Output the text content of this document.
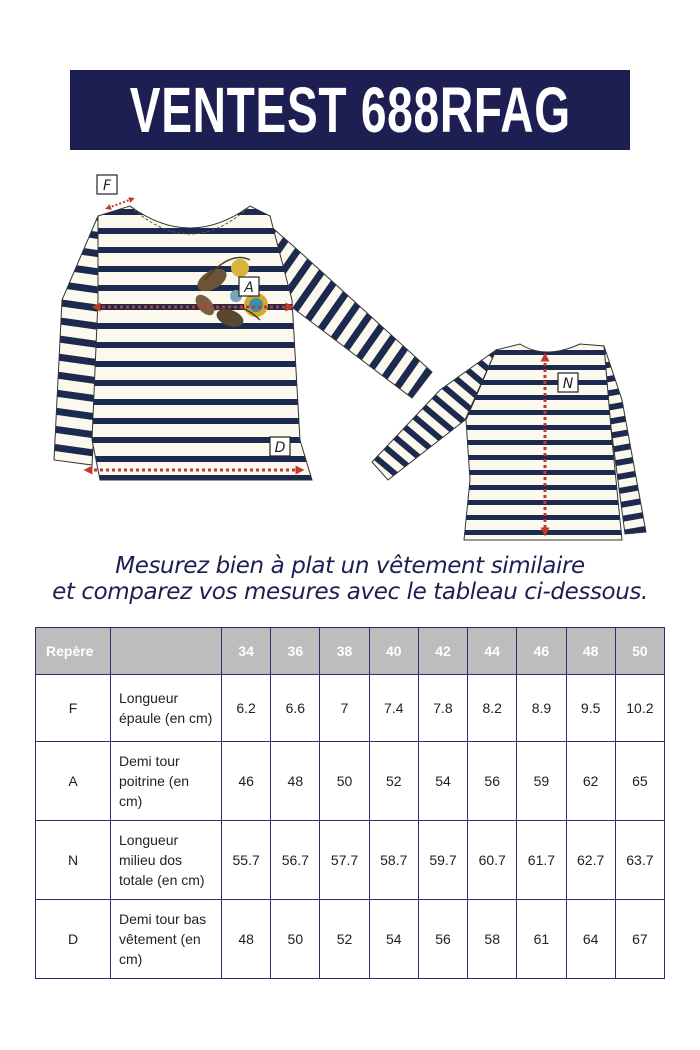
VENTEST 688RFAG
F
A
D
N
Mesurez bien à plat un vêtement similaire
et comparez vos mesures avec le tableau ci-dessous.
Repère		34	36	38	40	42	44	46	48	50
F	Longueur épaule (en cm)	6.2	6.6	7	7.4	7.8	8.2	8.9	9.5	10.2
A	Demi tour poitrine (en cm)	46	48	50	52	54	56	59	62	65
N	Longueur milieu dos totale (en cm)	55.7	56.7	57.7	58.7	59.7	60.7	61.7	62.7	63.7
D	Demi tour bas vêtement (en cm)	48	50	52	54	56	58	61	64	67
